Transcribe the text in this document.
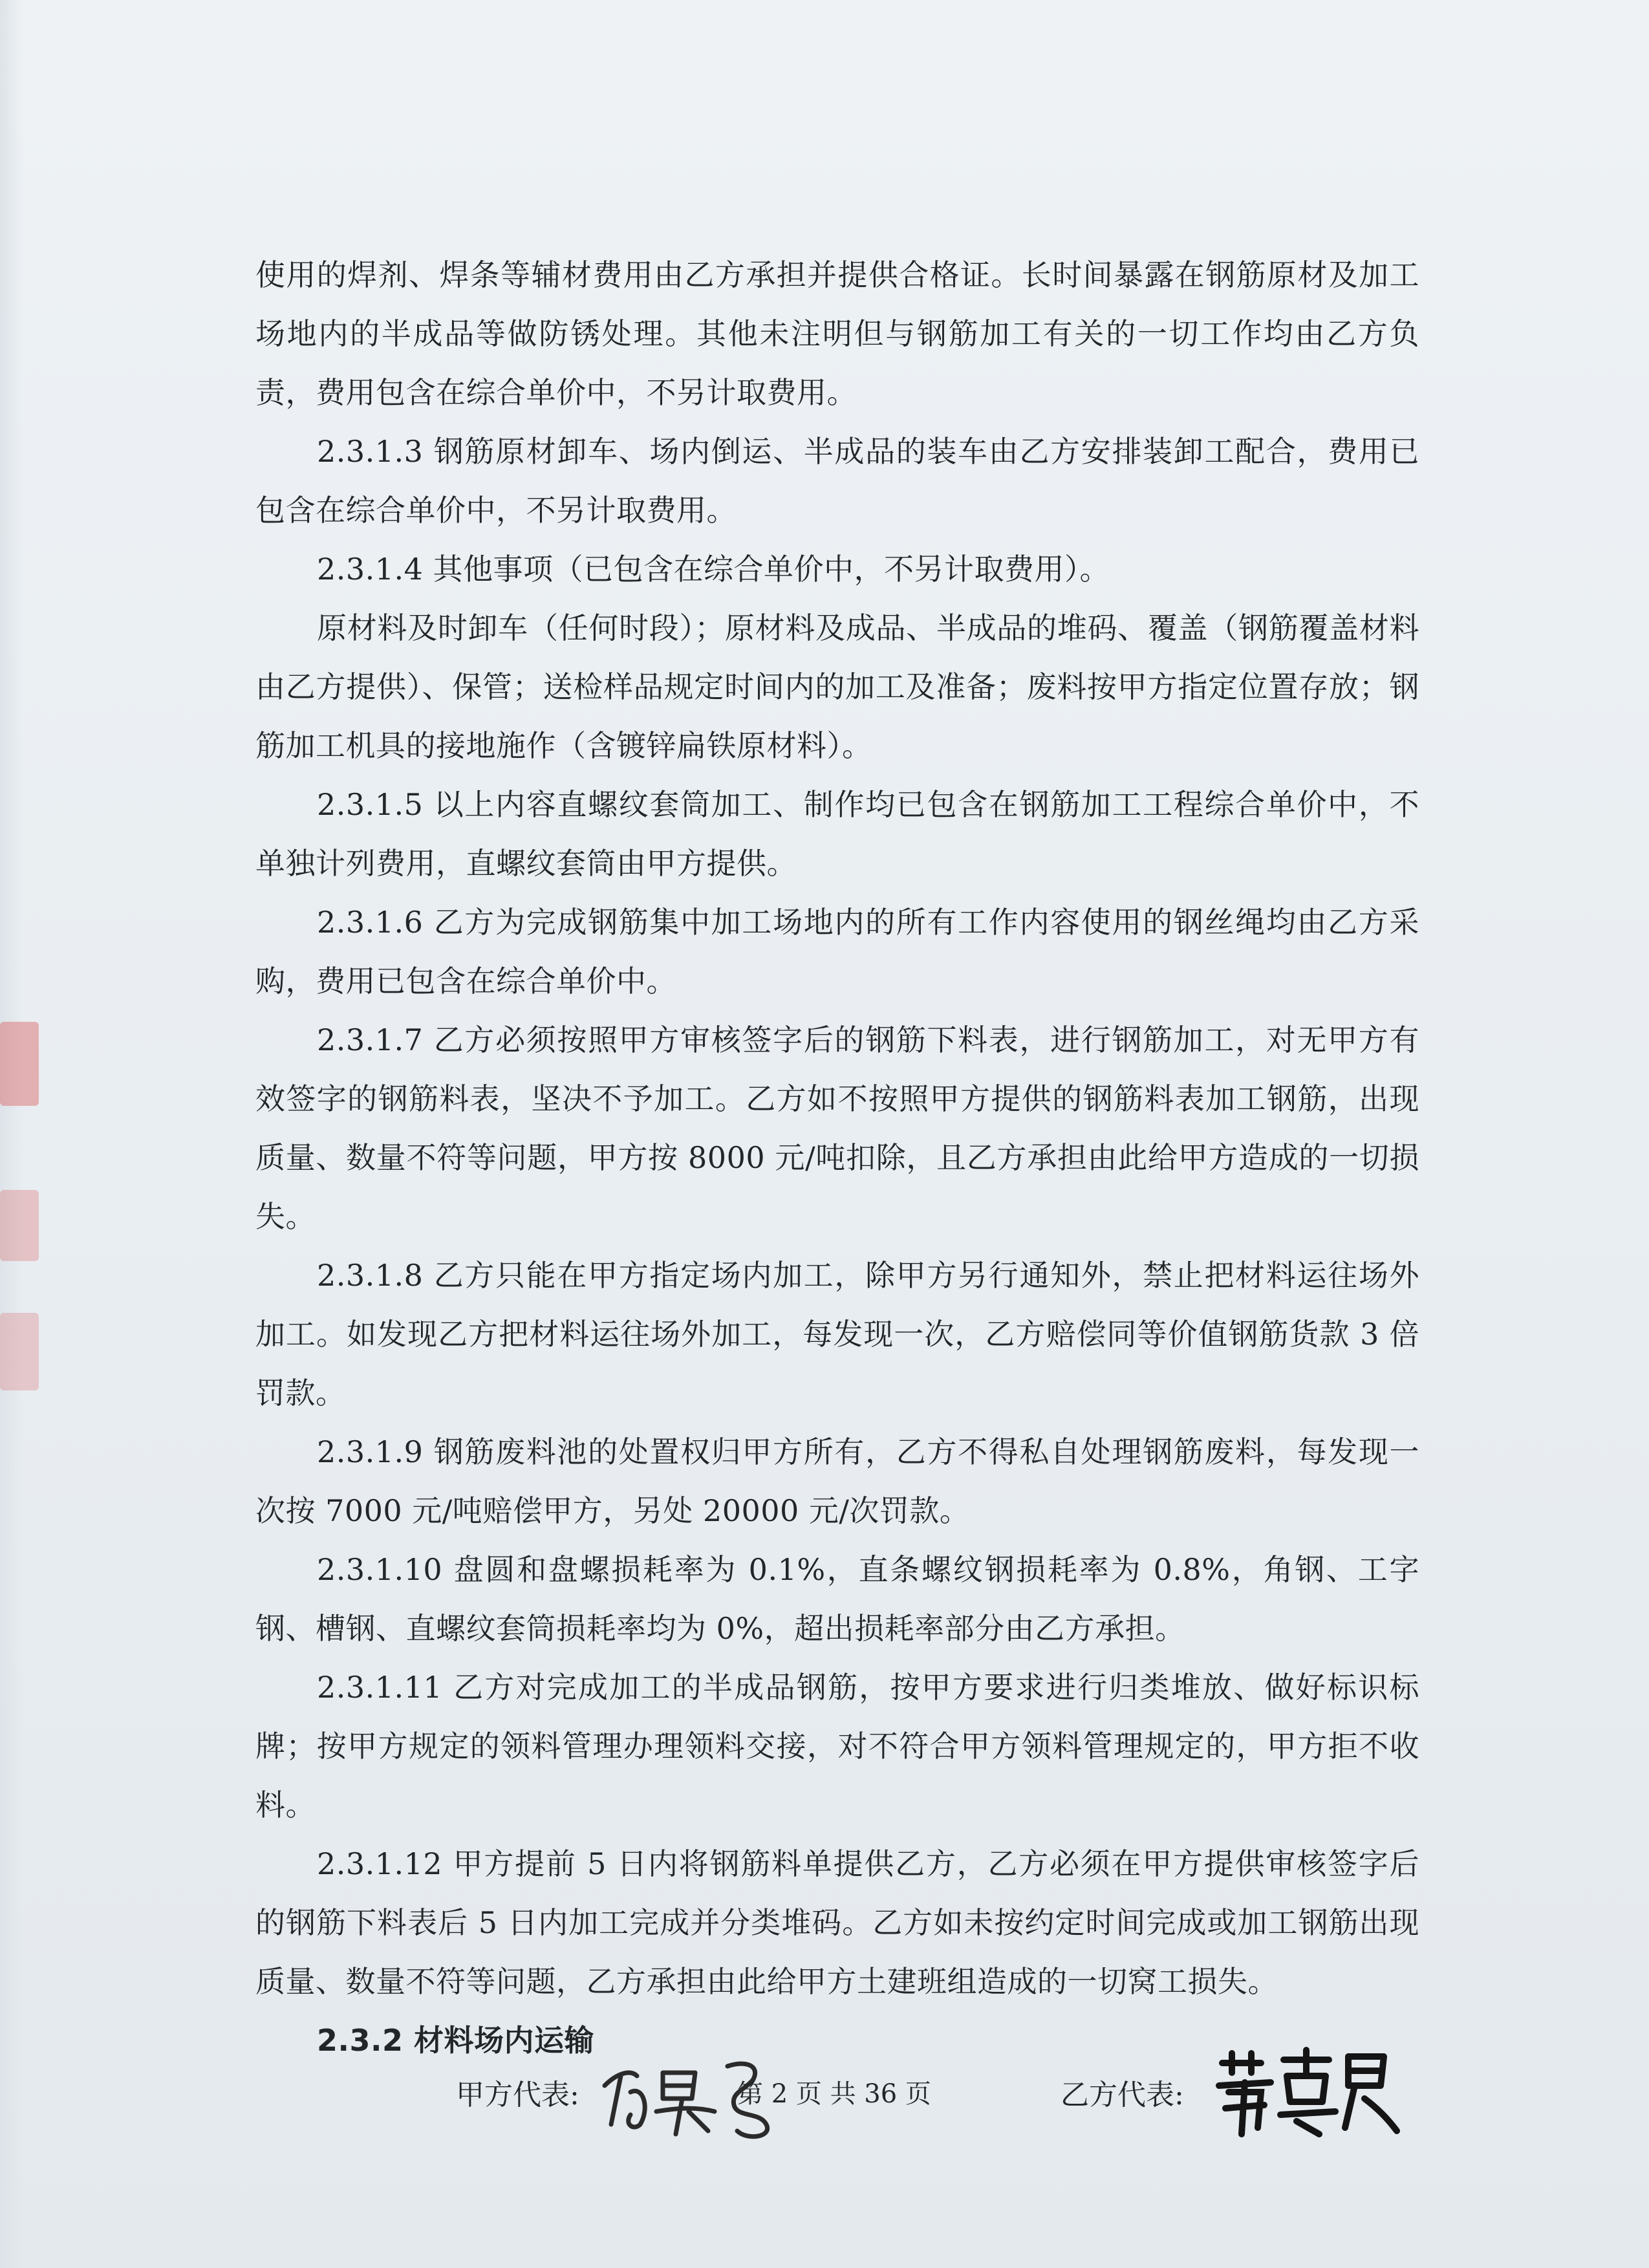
使用的焊剂、焊条等辅材费用由乙方承担并提供合格证。长时间暴露在钢筋原材及加工场地内的半成品等做防锈处理。其他未注明但与钢筋加工有关的一切工作均由乙方负责，费用包含在综合单价中，不另计取费用。

2.3.1.3 钢筋原材卸车、场内倒运、半成品的装车由乙方安排装卸工配合，费用已包含在综合单价中，不另计取费用。

2.3.1.4 其他事项（已包含在综合单价中，不另计取费用）。

原材料及时卸车（任何时段）；原材料及成品、半成品的堆码、覆盖（钢筋覆盖材料由乙方提供）、保管；送检样品规定时间内的加工及准备；废料按甲方指定位置存放；钢筋加工机具的接地施作（含镀锌扁铁原材料）。

2.3.1.5 以上内容直螺纹套筒加工、制作均已包含在钢筋加工工程综合单价中，不单独计列费用，直螺纹套筒由甲方提供。

2.3.1.6 乙方为完成钢筋集中加工场地内的所有工作内容使用的钢丝绳均由乙方采购，费用已包含在综合单价中。

2.3.1.7 乙方必须按照甲方审核签字后的钢筋下料表，进行钢筋加工，对无甲方有效签字的钢筋料表，坚决不予加工。乙方如不按照甲方提供的钢筋料表加工钢筋，出现质量、数量不符等问题，甲方按 8000 元/吨扣除，且乙方承担由此给甲方造成的一切损失。

2.3.1.8 乙方只能在甲方指定场内加工，除甲方另行通知外，禁止把材料运往场外加工。如发现乙方把材料运往场外加工，每发现一次，乙方赔偿同等价值钢筋货款 3 倍罚款。

2.3.1.9 钢筋废料池的处置权归甲方所有，乙方不得私自处理钢筋废料，每发现一次按 7000 元/吨赔偿甲方，另处 20000 元/次罚款。

2.3.1.10 盘圆和盘螺损耗率为 0.1%，直条螺纹钢损耗率为 0.8%，角钢、工字钢、槽钢、直螺纹套筒损耗率均为 0%，超出损耗率部分由乙方承担。

2.3.1.11 乙方对完成加工的半成品钢筋，按甲方要求进行归类堆放、做好标识标牌；按甲方规定的领料管理办理领料交接，对不符合甲方领料管理规定的，甲方拒不收料。

2.3.1.12 甲方提前 5 日内将钢筋料单提供乙方，乙方必须在甲方提供审核签字后的钢筋下料表后 5 日内加工完成并分类堆码。乙方如未按约定时间完成或加工钢筋出现质量、数量不符等问题，乙方承担由此给甲方土建班组造成的一切窝工损失。

2.3.2 材料场内运输

甲方代表:	第 2 页 共 36 页	乙方代表:
